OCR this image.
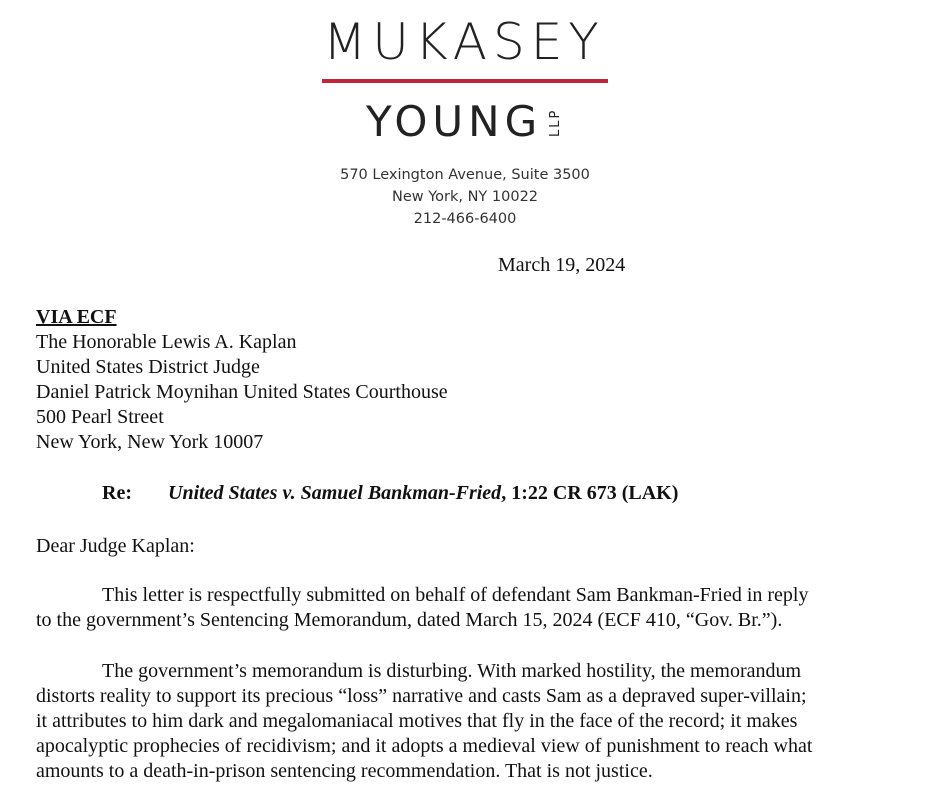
MUKASEY
YOUNG LLP
570 Lexington Avenue, Suite 3500
New York, NY 10022
212-466-6400
March 19, 2024
VIA ECF
The Honorable Lewis A. Kaplan
United States District Judge
Daniel Patrick Moynihan United States Courthouse
500 Pearl Street
New York, New York 10007
Re: United States v. Samuel Bankman-Fried, 1:22 CR 673 (LAK)
Dear Judge Kaplan:
This letter is respectfully submitted on behalf of defendant Sam Bankman-Fried in reply
to the government’s Sentencing Memorandum, dated March 15, 2024 (ECF 410, “Gov. Br.”).
The government’s memorandum is disturbing. With marked hostility, the memorandum
distorts reality to support its precious “loss” narrative and casts Sam as a depraved super-villain;
it attributes to him dark and megalomaniacal motives that fly in the face of the record; it makes
apocalyptic prophecies of recidivism; and it adopts a medieval view of punishment to reach what
amounts to a death-in-prison sentencing recommendation. That is not justice.
